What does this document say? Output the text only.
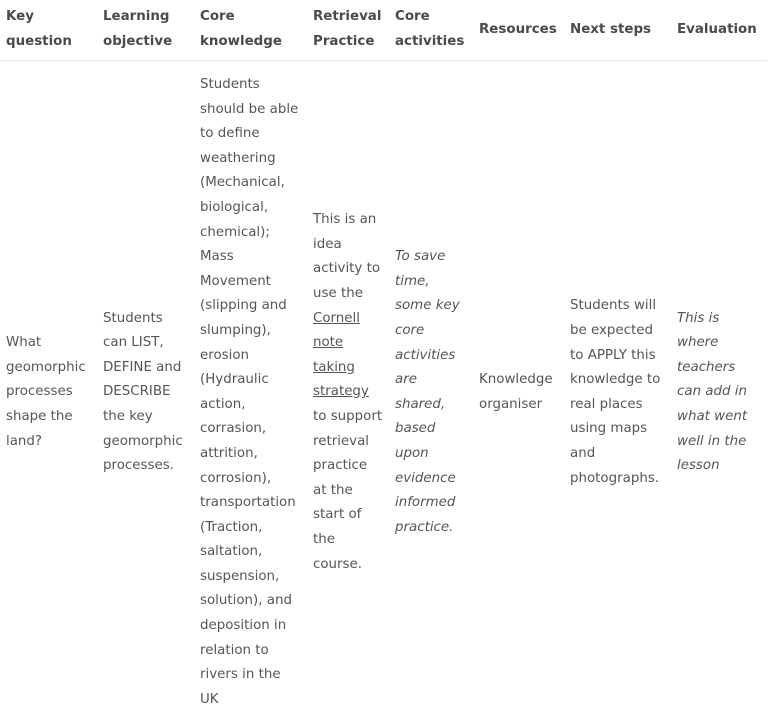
Key question	Learning objective	Core knowledge	Retrieval Practice	Core activities	Resources	Next steps	Evaluation
What geomorphic processes shape the land?	Students can LIST, DEFINE and DESCRIBE the key geomorphic processes.	Students should be able to define weathering (Mechanical, biological, chemical); Mass Movement (slipping and slumping), erosion (Hydraulic action, corrasion, attrition, corrosion), transportation (Traction, saltation, suspension, solution), and deposition in relation to rivers in the UK	This is an idea activity to use the Cornell note taking strategy to support retrieval practice at the start of the course.	To save time, some key core activities are shared, based upon evidence informed practice.	Knowledge organiser	Students will be expected to APPLY this knowledge to real places using maps and photographs.	This is where teachers can add in what went well in the lesson
